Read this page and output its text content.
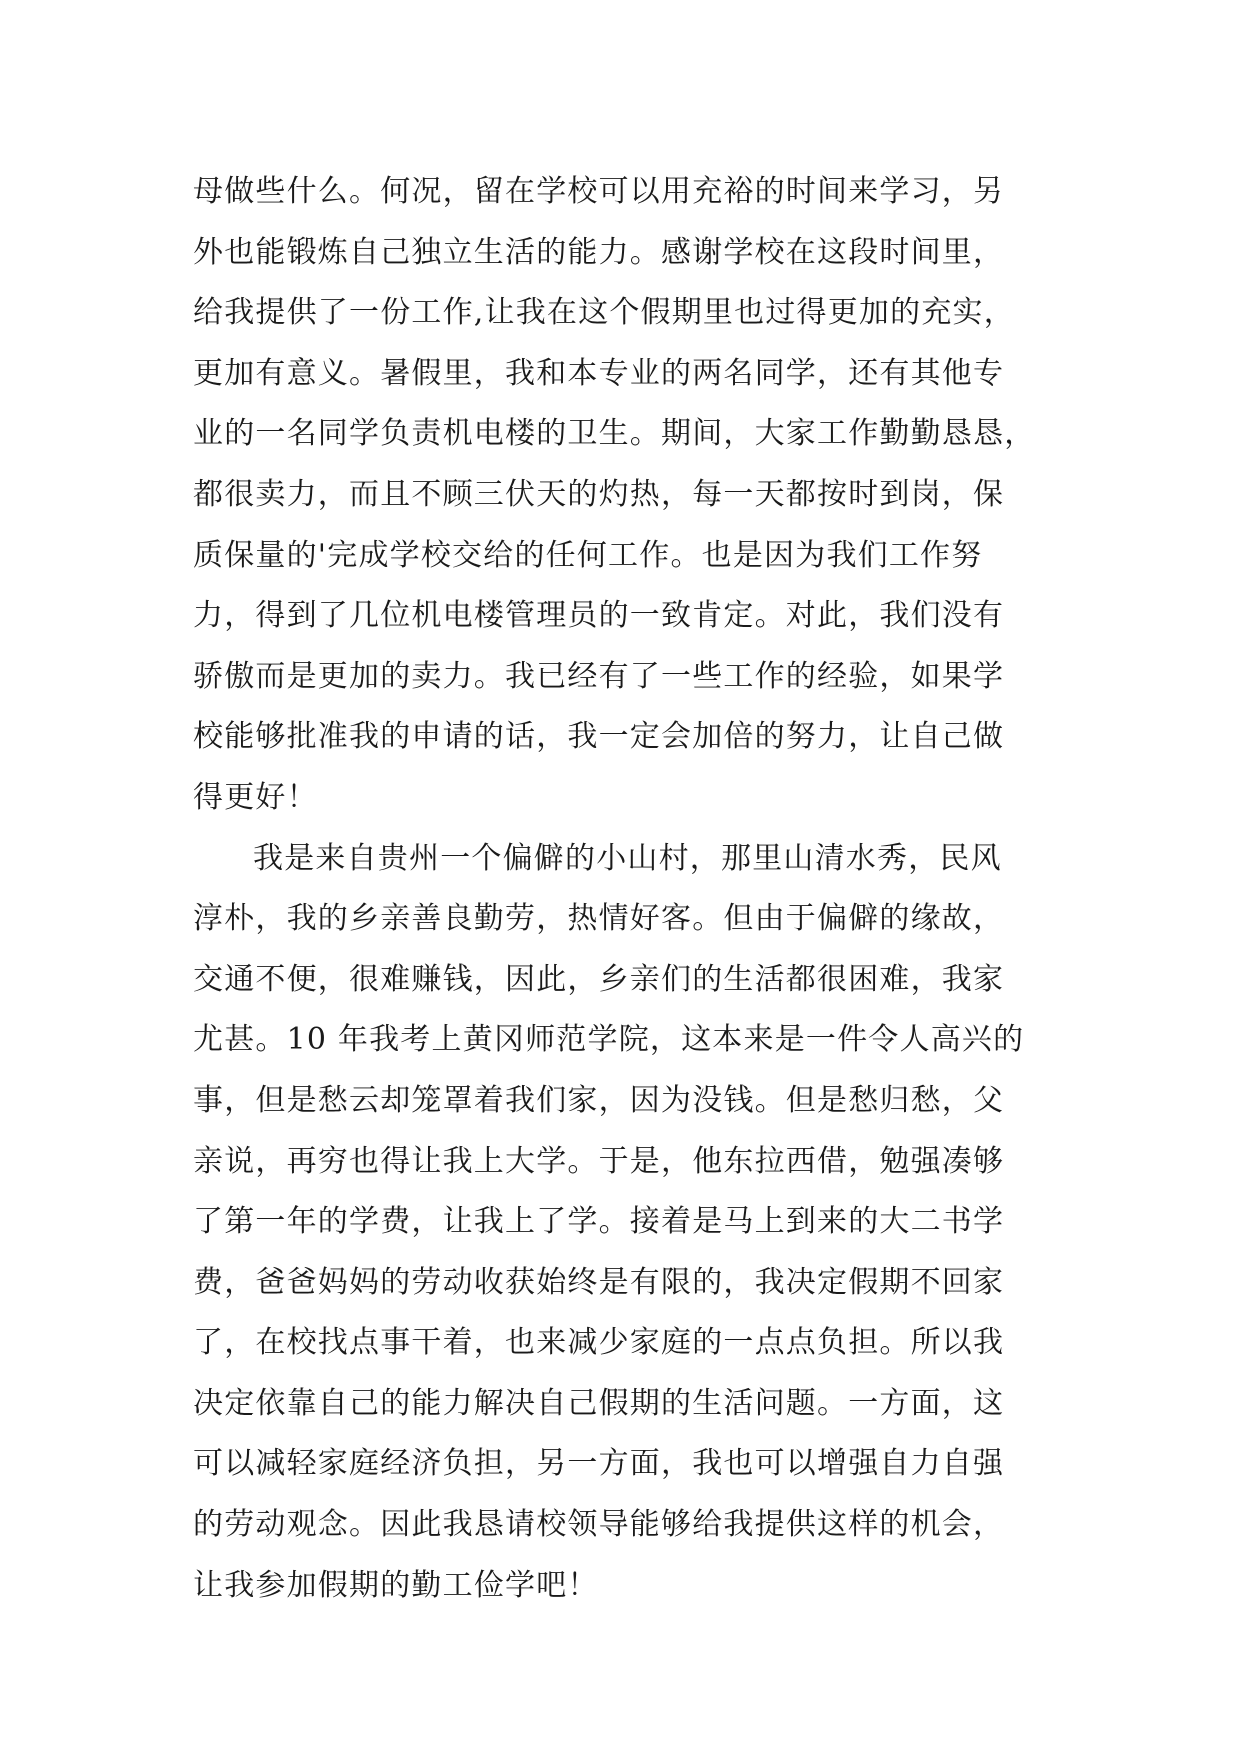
母做些什么。何况，留在学校可以用充裕的时间来学习，另
外也能锻炼自己独立生活的能力。感谢学校在这段时间里，
给我提供了一份工作,让我在这个假期里也过得更加的充实，
更加有意义。暑假里，我和本专业的两名同学，还有其他专
业的一名同学负责机电楼的卫生。期间，大家工作勤勤恳恳，
都很卖力，而且不顾三伏天的灼热，每一天都按时到岗，保
质保量的'完成学校交给的任何工作。也是因为我们工作努
力，得到了几位机电楼管理员的一致肯定。对此，我们没有
骄傲而是更加的卖力。我已经有了一些工作的经验，如果学
校能够批准我的申请的话，我一定会加倍的努力，让自己做
得更好！
我是来自贵州一个偏僻的小山村，那里山清水秀，民风
淳朴，我的乡亲善良勤劳，热情好客。但由于偏僻的缘故，
交通不便，很难赚钱，因此，乡亲们的生活都很困难，我家
尤甚。10 年我考上黄冈师范学院，这本来是一件令人高兴的
事，但是愁云却笼罩着我们家，因为没钱。但是愁归愁，父
亲说，再穷也得让我上大学。于是，他东拉西借，勉强凑够
了第一年的学费，让我上了学。接着是马上到来的大二书学
费，爸爸妈妈的劳动收获始终是有限的，我决定假期不回家
了，在校找点事干着，也来减少家庭的一点点负担。所以我
决定依靠自己的能力解决自己假期的生活问题。一方面，这
可以减轻家庭经济负担，另一方面，我也可以增强自力自强
的劳动观念。因此我恳请校领导能够给我提供这样的机会，
让我参加假期的勤工俭学吧！
